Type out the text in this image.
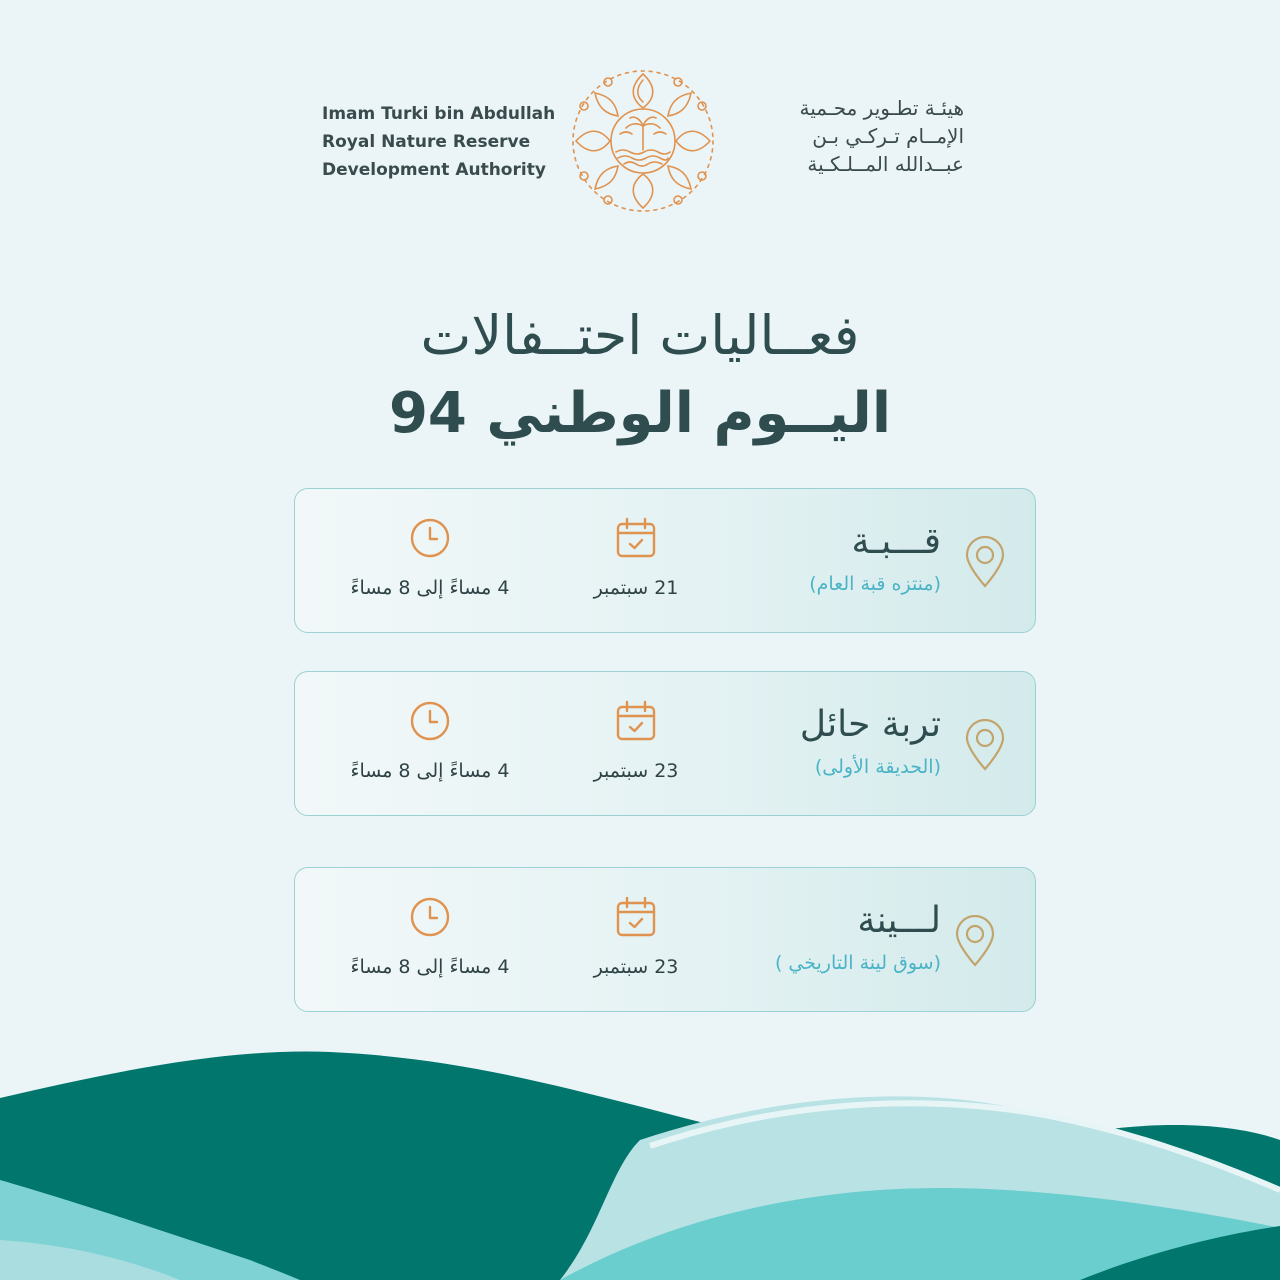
Imam Turki bin Abdullah
Royal Nature Reserve
Development Authority
هيئـة تطـوير محـمية
الإمــام تـركـي بـن
عبــدالله المــلـكـية
فعــاليات احتــفالات
اليــوم الوطني 94
قـــبـة
(منتزه قبة العام)
21 سبتمبر
4 مساءً إلى 8 مساءً
تربة حائل
(الحديقة الأولى)
23 سبتمبر
4 مساءً إلى 8 مساءً
لـــينة
(سوق لينة التاريخي )
23 سبتمبر
4 مساءً إلى 8 مساءً
